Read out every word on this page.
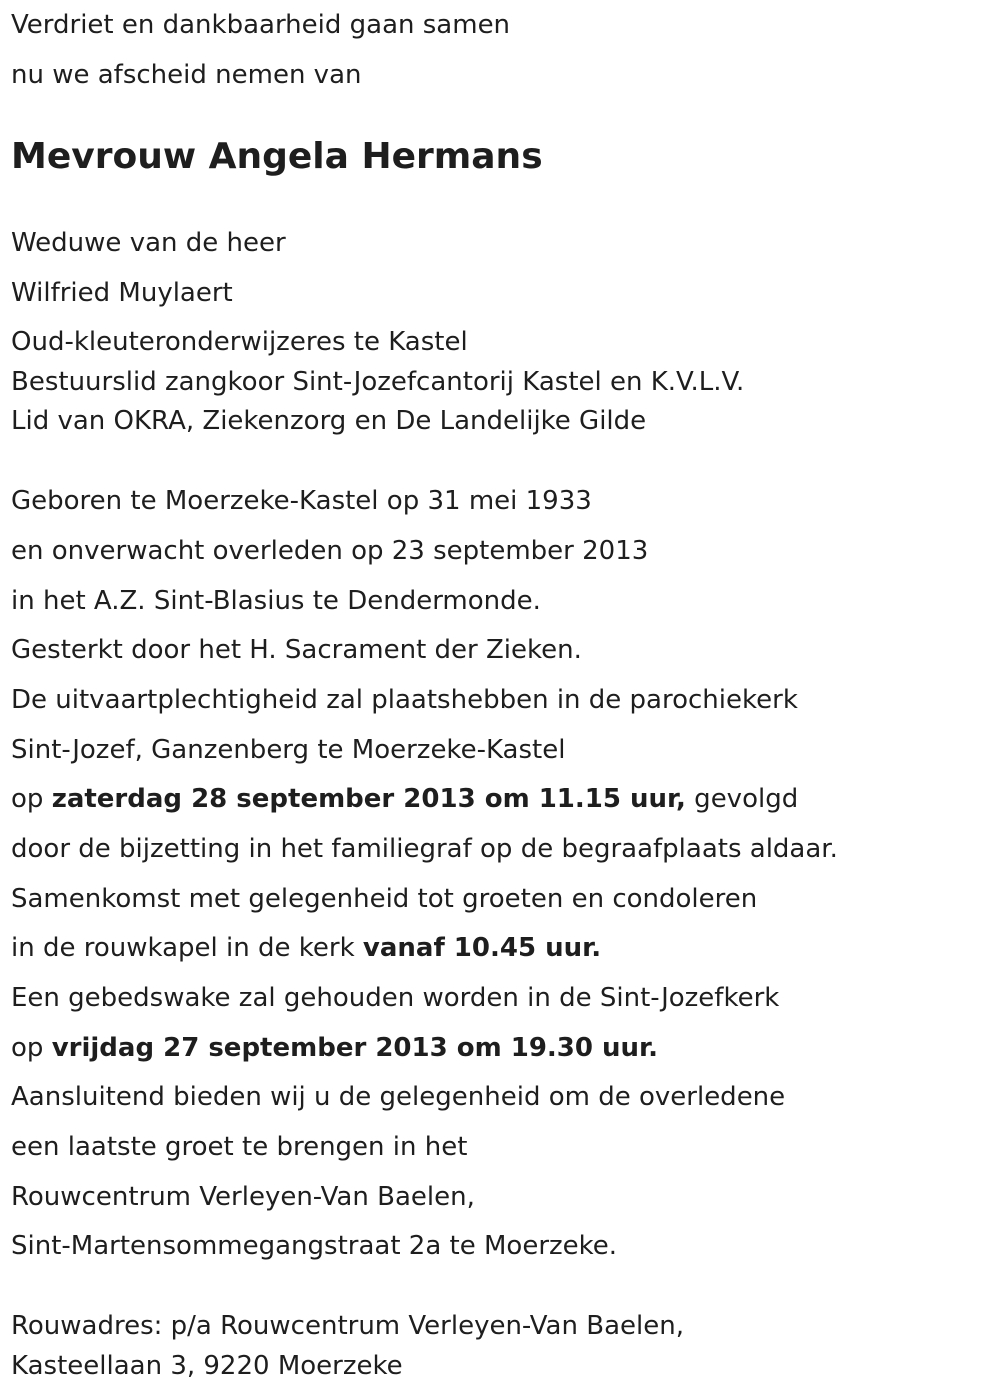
Verdriet en dankbaarheid gaan samen
nu we afscheid nemen van
Mevrouw Angela Hermans
Weduwe van de heer
Wilfried Muylaert
Oud-kleuteronderwijzeres te Kastel
Bestuurslid zangkoor Sint-Jozefcantorij Kastel en K.V.L.V.
Lid van OKRA, Ziekenzorg en De Landelijke Gilde
Geboren te Moerzeke-Kastel op 31 mei 1933
en onverwacht overleden op 23 september 2013
in het A.Z. Sint-Blasius te Dendermonde.
Gesterkt door het H. Sacrament der Zieken.
De uitvaartplechtigheid zal plaatshebben in de parochiekerk
Sint-Jozef, Ganzenberg te Moerzeke-Kastel
op zaterdag 28 september 2013 om 11.15 uur, gevolgd
door de bijzetting in het familiegraf op de begraafplaats aldaar.
Samenkomst met gelegenheid tot groeten en condoleren
in de rouwkapel in de kerk vanaf 10.45 uur.
Een gebedswake zal gehouden worden in de Sint-Jozefkerk
op vrijdag 27 september 2013 om 19.30 uur.
Aansluitend bieden wij u de gelegenheid om de overledene
een laatste groet te brengen in het
Rouwcentrum Verleyen-Van Baelen,
Sint-Martensommegangstraat 2a te Moerzeke.
Rouwadres: p/a Rouwcentrum Verleyen-Van Baelen,
Kasteellaan 3, 9220 Moerzeke
